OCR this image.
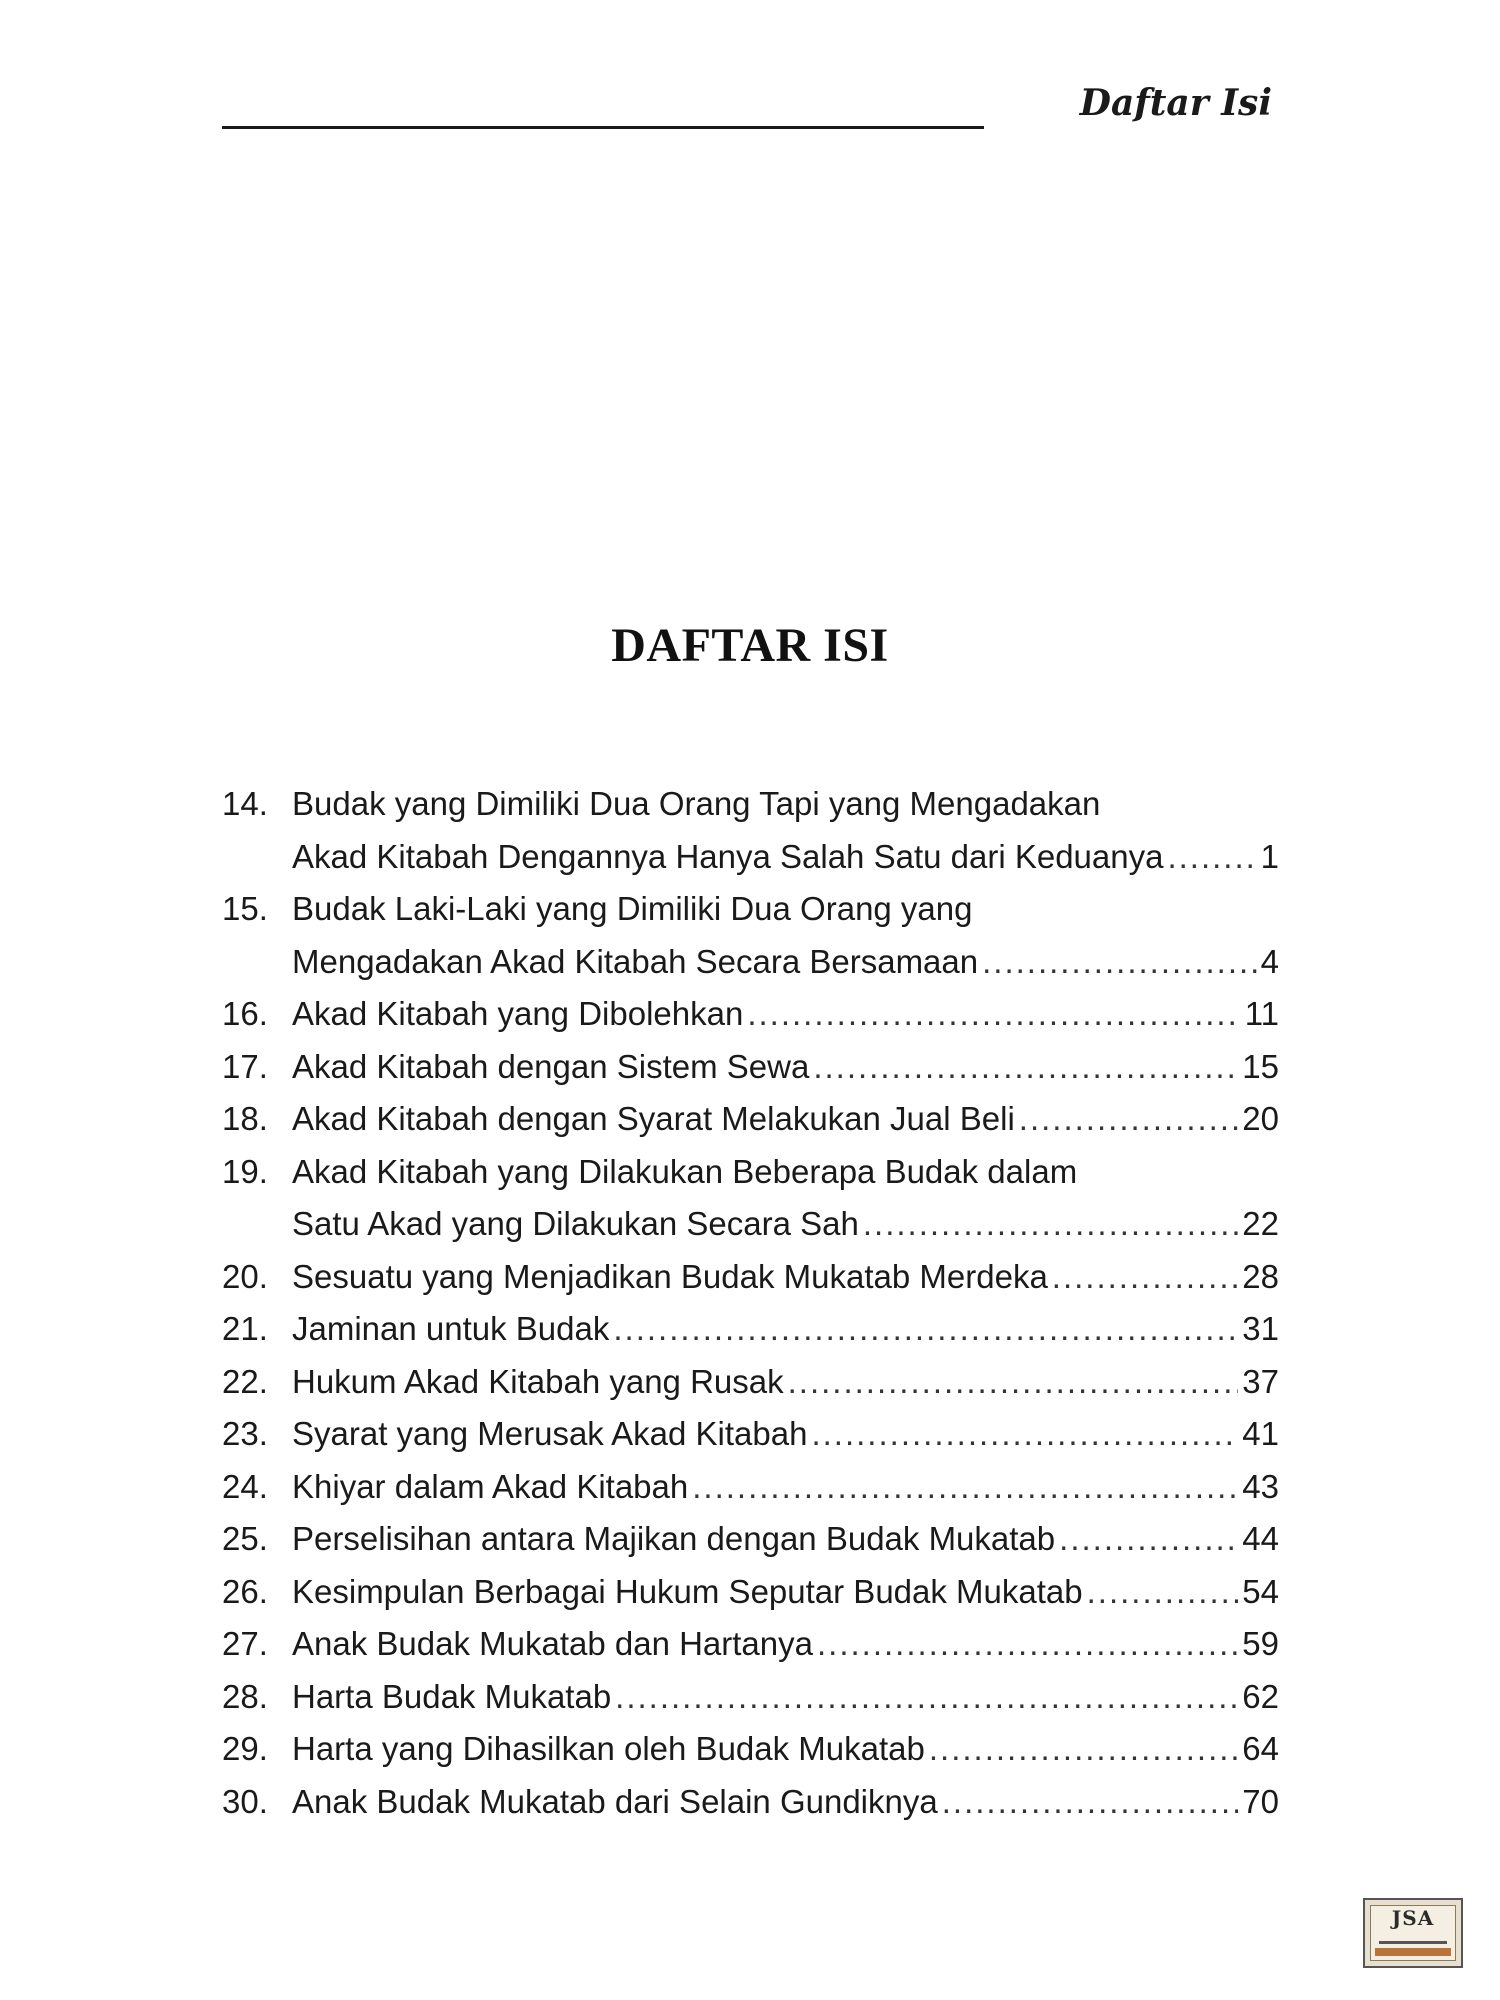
Daftar Isi
DAFTAR ISI
14. Budak yang Dimiliki Dua Orang Tapi yang Mengadakan
Akad Kitabah Dengannya Hanya Salah Satu dari Keduanya .....	1
15. Budak Laki-Laki yang Dimiliki Dua Orang yang
Mengadakan Akad Kitabah Secara Bersamaan .....	4
16. Akad Kitabah yang Dibolehkan .....	11
17. Akad Kitabah dengan Sistem Sewa .....	15
18. Akad Kitabah dengan Syarat Melakukan Jual Beli .....	20
19. Akad Kitabah yang Dilakukan Beberapa Budak dalam
Satu Akad yang Dilakukan Secara Sah .....	22
20. Sesuatu yang Menjadikan Budak Mukatab Merdeka .....	28
21. Jaminan untuk Budak .....	31
22. Hukum Akad Kitabah yang Rusak .....	37
23. Syarat yang Merusak Akad Kitabah .....	41
24. Khiyar dalam Akad Kitabah .....	43
25. Perselisihan antara Majikan dengan Budak Mukatab .....	44
26. Kesimpulan Berbagai Hukum Seputar Budak Mukatab .....	54
27. Anak Budak Mukatab dan Hartanya .....	59
28. Harta Budak Mukatab .....	62
29. Harta yang Dihasilkan oleh Budak Mukatab .....	64
30. Anak Budak Mukatab dari Selain Gundiknya .....	70
JSA
